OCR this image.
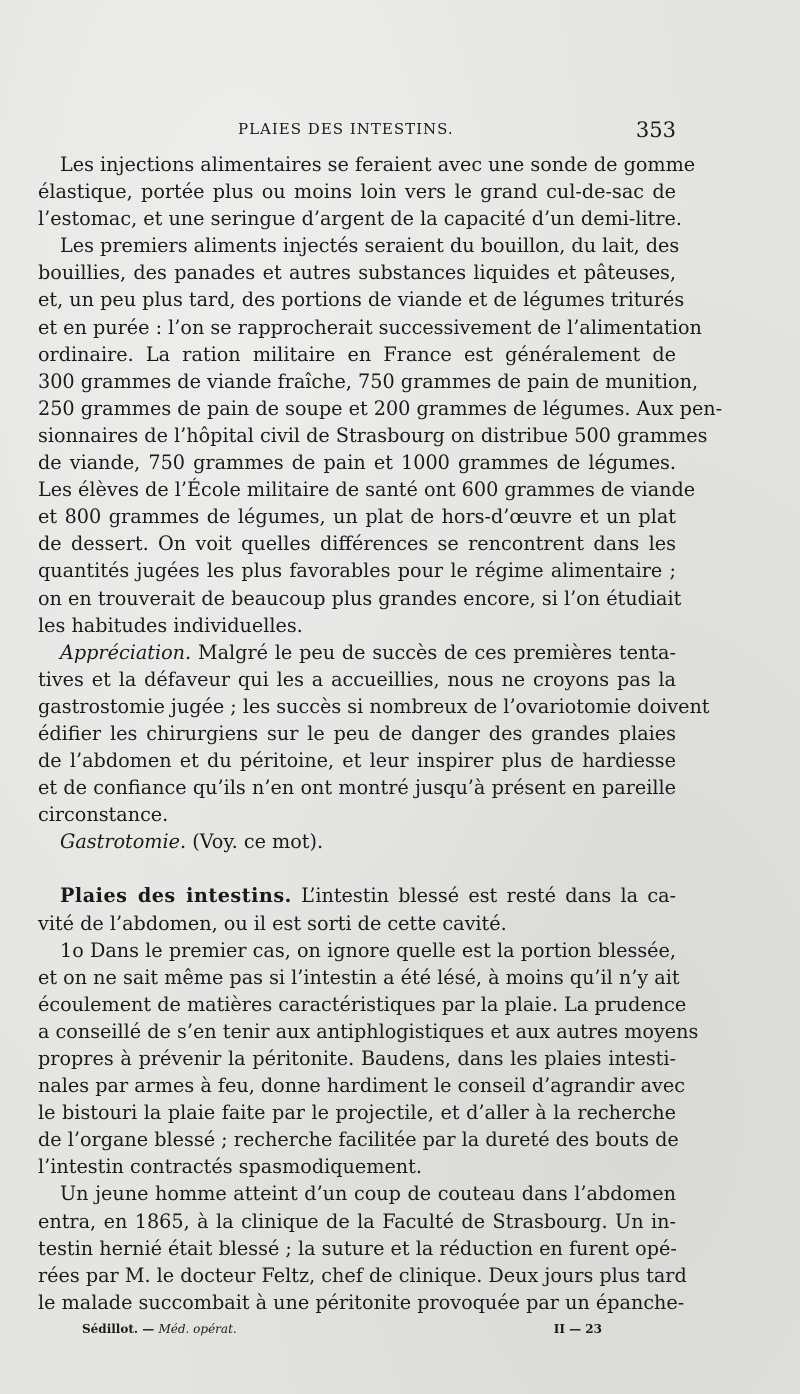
PLAIES DES INTESTINS.	353
Les injections alimentaires se feraient avec une sonde de gomme
élastique, portée plus ou moins loin vers le grand cul-de-sac de
l’estomac, et une seringue d’argent de la capacité d’un demi-litre.
Les premiers aliments injectés seraient du bouillon, du lait, des
bouillies, des panades et autres substances liquides et pâteuses,
et, un peu plus tard, des portions de viande et de légumes triturés
et en purée : l’on se rapprocherait successivement de l’alimentation
ordinaire. La ration militaire en France est généralement de
300 grammes de viande fraîche, 750 grammes de pain de munition,
250 grammes de pain de soupe et 200 grammes de légumes. Aux pen-
sionnaires de l’hôpital civil de Strasbourg on distribue 500 grammes
de viande, 750 grammes de pain et 1000 grammes de légumes.
Les élèves de l’École militaire de santé ont 600 grammes de viande
et 800 grammes de légumes, un plat de hors-d’œuvre et un plat
de dessert. On voit quelles différences se rencontrent dans les
quantités jugées les plus favorables pour le régime alimentaire ;
on en trouverait de beaucoup plus grandes encore, si l’on étudiait
les habitudes individuelles.
Appréciation. Malgré le peu de succès de ces premières tenta-
tives et la défaveur qui les a accueillies, nous ne croyons pas la
gastrostomie jugée ; les succès si nombreux de l’ovariotomie doivent
édifier les chirurgiens sur le peu de danger des grandes plaies
de l’abdomen et du péritoine, et leur inspirer plus de hardiesse
et de confiance qu’ils n’en ont montré jusqu’à présent en pareille
circonstance.
Gastrotomie. (Voy. ce mot).
Plaies des intestins. L’intestin blessé est resté dans la ca-
vité de l’abdomen, ou il est sorti de cette cavité.
1o Dans le premier cas, on ignore quelle est la portion blessée,
et on ne sait même pas si l’intestin a été lésé, à moins qu’il n’y ait
écoulement de matières caractéristiques par la plaie. La prudence
a conseillé de s’en tenir aux antiphlogistiques et aux autres moyens
propres à prévenir la péritonite. Baudens, dans les plaies intesti-
nales par armes à feu, donne hardiment le conseil d’agrandir avec
le bistouri la plaie faite par le projectile, et d’aller à la recherche
de l’organe blessé ; recherche facilitée par la dureté des bouts de
l’intestin contractés spasmodiquement.
Un jeune homme atteint d’un coup de couteau dans l’abdomen
entra, en 1865, à la clinique de la Faculté de Strasbourg. Un in-
testin hernié était blessé ; la suture et la réduction en furent opé-
rées par M. le docteur Feltz, chef de clinique. Deux jours plus tard
le malade succombait à une péritonite provoquée par un épanche-
Sédillot. — Méd. opérat.	II — 23
